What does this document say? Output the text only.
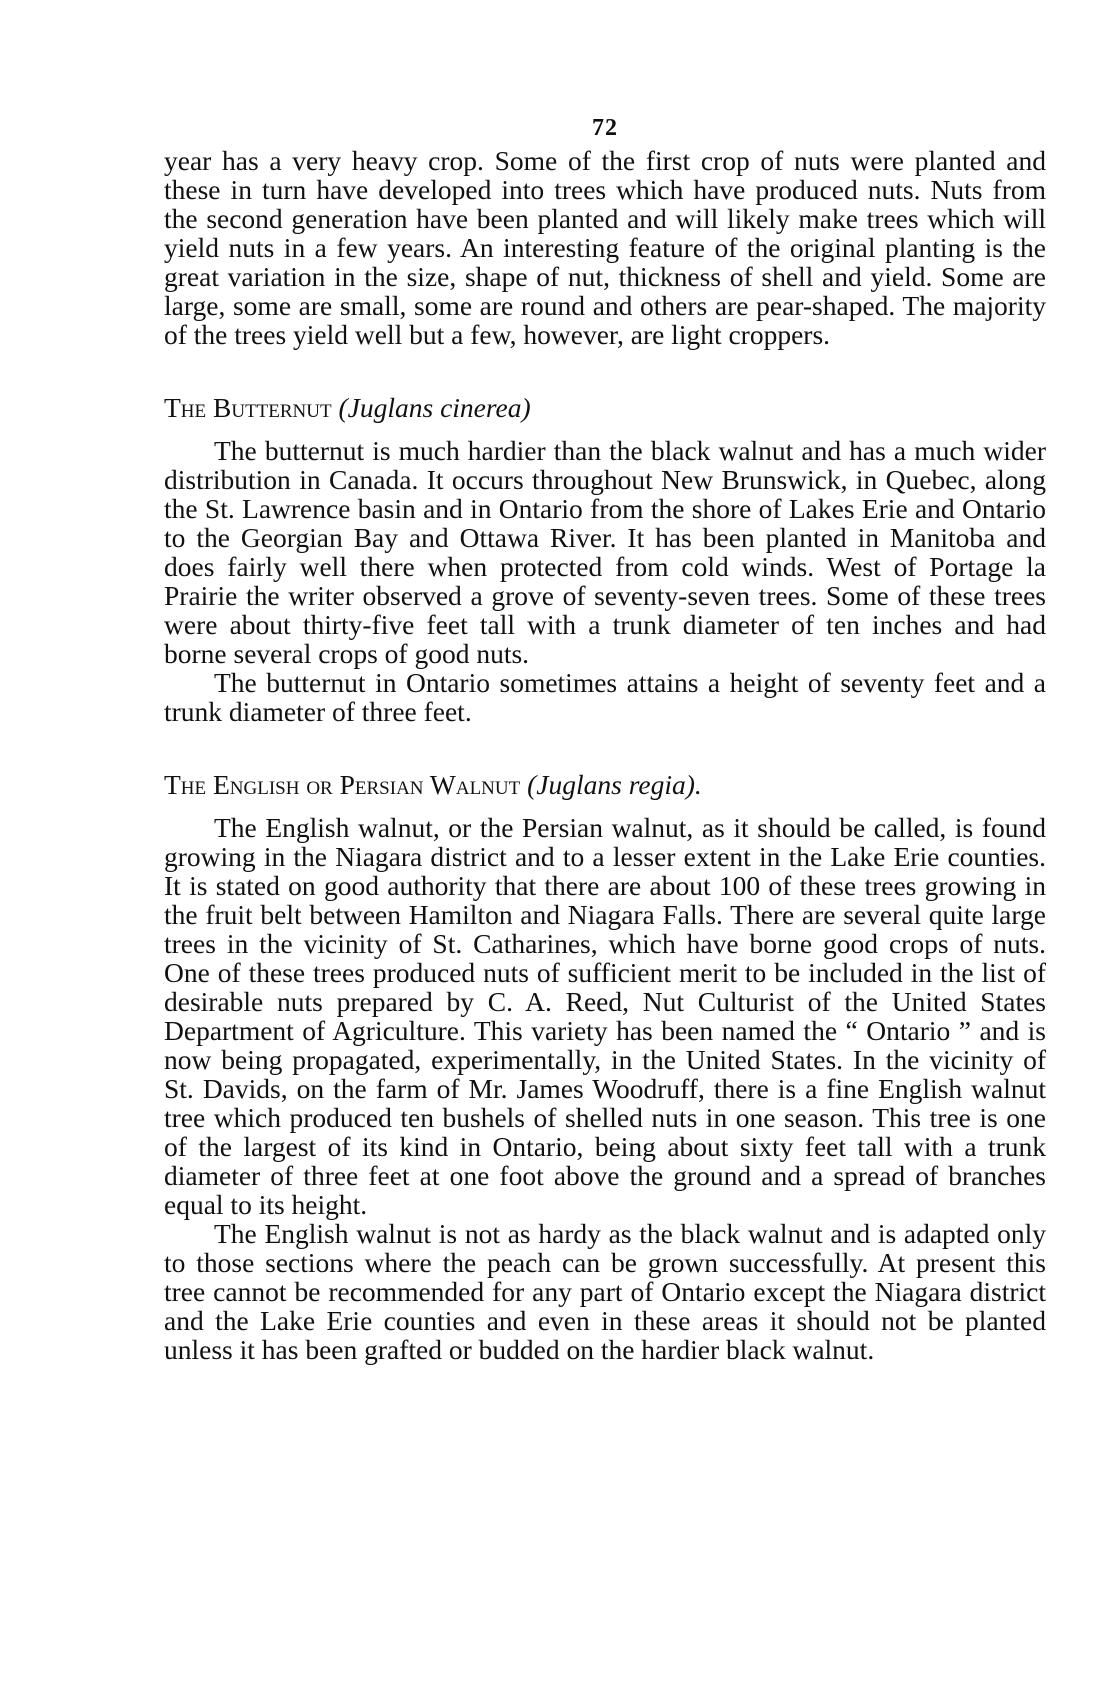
72

year has a very heavy crop. Some of the first crop of nuts were planted and these in turn have developed into trees which have produced nuts. Nuts from the second generation have been planted and will likely make trees which will yield nuts in a few years. An interesting feature of the original planting is the great variation in the size, shape of nut, thickness of shell and yield. Some are large, some are small, some are round and others are pear-shaped. The majority of the trees yield well but a few, however, are light croppers.

The Butternut (Juglans cinerea)

The butternut is much hardier than the black walnut and has a much wider distribution in Canada. It occurs throughout New Brunswick, in Quebec, along the St. Lawrence basin and in Ontario from the shore of Lakes Erie and Ontario to the Georgian Bay and Ottawa River. It has been planted in Manitoba and does fairly well there when protected from cold winds. West of Portage la Prairie the writer observed a grove of seventy-seven trees. Some of these trees were about thirty-five feet tall with a trunk diameter of ten inches and had borne several crops of good nuts.

The butternut in Ontario sometimes attains a height of seventy feet and a trunk diameter of three feet.

The English or Persian Walnut (Juglans regia).

The English walnut, or the Persian walnut, as it should be called, is found growing in the Niagara district and to a lesser extent in the Lake Erie counties. It is stated on good authority that there are about 100 of these trees growing in the fruit belt between Hamilton and Niagara Falls. There are several quite large trees in the vicinity of St. Catharines, which have borne good crops of nuts. One of these trees produced nuts of sufficient merit to be included in the list of desirable nuts prepared by C. A. Reed, Nut Culturist of the United States Department of Agriculture. This variety has been named the “ Ontario ” and is now being propagated, experimentally, in the United States. In the vicinity of St. Davids, on the farm of Mr. James Woodruff, there is a fine English walnut tree which produced ten bushels of shelled nuts in one season. This tree is one of the largest of its kind in Ontario, being about sixty feet tall with a trunk diameter of three feet at one foot above the ground and a spread of branches equal to its height.

The English walnut is not as hardy as the black walnut and is adapted only to those sections where the peach can be grown successfully. At present this tree cannot be recommended for any part of Ontario except the Niagara district and the Lake Erie counties and even in these areas it should not be planted unless it has been grafted or budded on the hardier black walnut.
